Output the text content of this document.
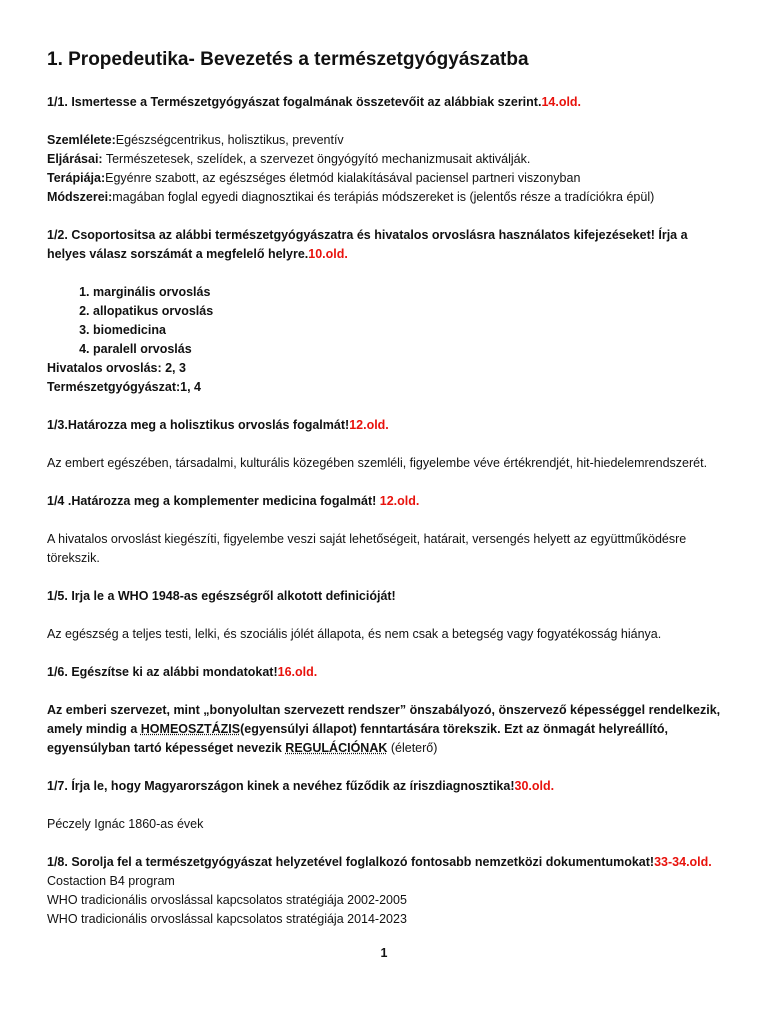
1. Propedeutika- Bevezetés a természetgyógyászatba

1/1. Ismertesse a Természetgyógyászat fogalmának összetevőit az alábbiak szerint.14.old.

Szemlélete:Egészségcentrikus, holisztikus, preventív

Eljárásai: Természetesek, szelídek, a szervezet öngyógyító mechanizmusait aktiválják.

Terápiája:Egyénre szabott, az egészséges életmód kialakításával paciensel partneri viszonyban

Módszerei:magában foglal egyedi diagnosztikai és terápiás módszereket is (jelentős része a tradíciókra épül)

1/2. Csoportositsa az alábbi természetgyógyászatra és hivatalos orvoslásra használatos kifejezéseket! Írja a helyes válasz sorszámát a megfelelő helyre.10.old.

1. marginális orvoslás
2. allopatikus orvoslás
3. biomedicina
4. paralell orvoslás

Hivatalos orvoslás: 2, 3

Természetgyógyászat:1, 4

1/3.Határozza meg a holisztikus orvoslás fogalmát!12.old.

Az embert egészében, társadalmi, kulturális közegében szemléli, figyelembe véve értékrendjét, hit-hiedelemrendszerét.

1/4 .Határozza meg a komplementer medicina fogalmát! 12.old.

A hivatalos orvoslást kiegészíti, figyelembe veszi saját lehetőségeit, határait, versengés helyett az együttműködésre törekszik.

1/5. Irja le a WHO 1948-as egészségről alkotott definicióját!

Az egészség a teljes testi, lelki, és szociális jólét állapota, és nem csak a betegség vagy fogyatékosság hiánya.

1/6. Egészítse ki az alábbi mondatokat!16.old.

Az emberi szervezet, mint „bonyolultan szervezett rendszer” önszabályozó, önszervező képességgel rendelkezik, amely mindig a HOMEOSZTÁZIS(egyensúlyi állapot) fenntartására törekszik. Ezt az önmagát helyreállító, egyensúlyban tartó képességet nevezik REGULÁCIÓNAK (életerő)

1/7. Írja le, hogy Magyarországon kinek a nevéhez fűződik az íriszdiagnosztika!30.old.

Péczely Ignác 1860-as évek

1/8. Sorolja fel a természetgyógyászat helyzetével foglalkozó fontosabb nemzetközi dokumentumokat!33-34.old.

Costaction B4 program

WHO tradicionális orvoslással kapcsolatos stratégiája 2002-2005

WHO tradicionális orvoslással kapcsolatos stratégiája 2014-2023

1
